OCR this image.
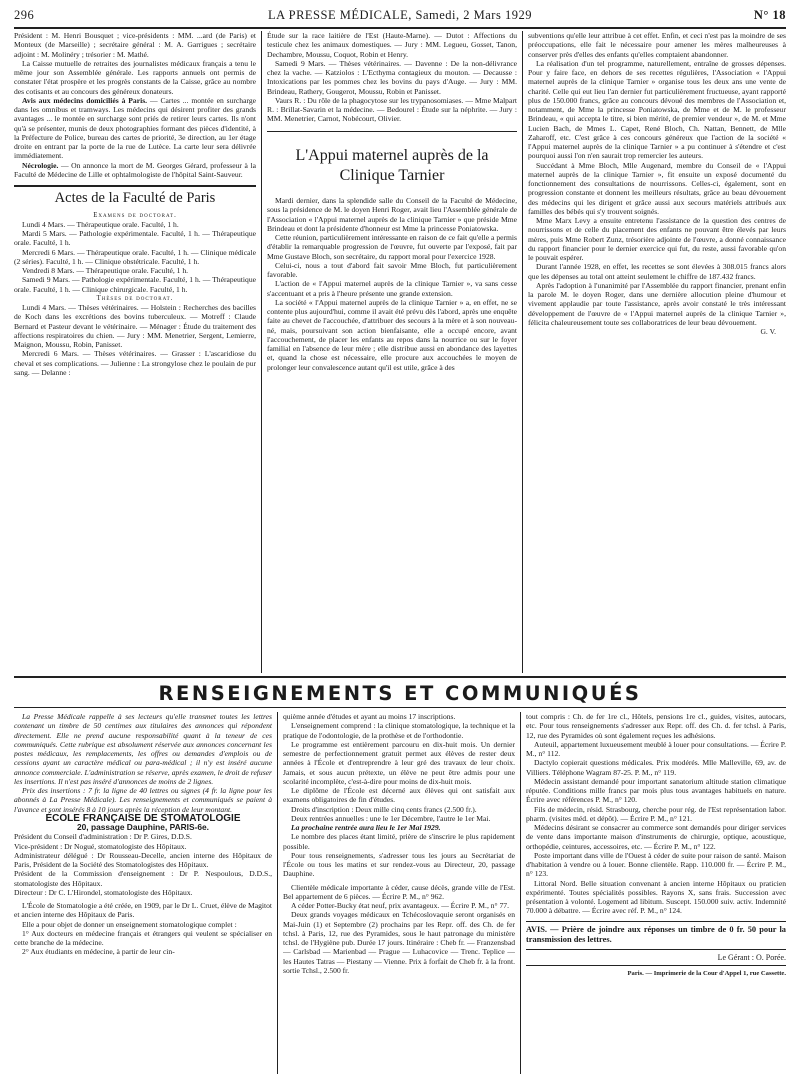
296	LA PRESSE MÉDICALE, Samedi, 2 Mars 1929	N° 18

Président : M. Henri Bousquet ; vice-présidents : MM. ...ard (de Paris) et Monteux (de Marseille) ; secrétaire général : M. A. Garrigues ; secrétaire adjoint : M. Molinéry ; trésorier : M. Mathé.

La Caisse mutuelle de retraites des journalistes médicaux français a tenu le même jour son Assemblée générale. Les rapports annuels ont permis de constater l'état prospère et les progrès constants de la Caisse, grâce au nombre des cotisants et au concours des généreux donateurs.

Avis aux médecins domiciliés à Paris. — Cartes ... montée en surcharge dans les omnibus et tramways. Les médecins qui désirent profiter des grands avantages ... le montée en surcharge sont priés de retirer leurs cartes. Ils n'ont qu'à se présenter, munis de deux photographies formant des pièces d'identité, à la Préfecture de Police, bureau des cartes de priorité, 3e direction, au 1er étage droite en entrant par la porte de la rue de Lutèce. La carte leur sera délivrée immédiatement.

Nécrologie. — On annonce la mort de M. Georges Gérard, professeur à la Faculté de Médecine de Lille et ophtalmologiste de l'hôpital Saint-Sauveur.

Actes de la Faculté de Paris

Examens de doctorat.

Lundi 4 Mars. — Thérapeutique orale. Faculté, 1 h.

Mardi 5 Mars. — Pathologie expérimentale. Faculté, 1 h. — Thérapeutique orale. Faculté, 1 h.

Mercredi 6 Mars. — Thérapeutique orale. Faculté, 1 h. — Clinique médicale (2 séries). Faculté, 1 h. — Clinique obstétricale. Faculté, 1 h.

Vendredi 8 Mars. — Thérapeutique orale. Faculté, 1 h.

Samedi 9 Mars. — Pathologie expérimentale. Faculté, 1 h. — Thérapeutique orale. Faculté, 1 h. — Clinique chirurgicale. Faculté, 1 h.

Thèses de doctorat.

Lundi 4 Mars. — Thèses vétérinaires. — Holstein : Recherches des bacilles de Koch dans les excrétions des bovins tuberculeux. — Motreff : Claude Bernard et Pasteur devant le vétérinaire. — Ménager : Étude du traitement des affections respiratoires du chien. — Jury : MM. Menetrier, Sergent, Lemierre, Maignon, Moussu, Robin, Panisset.

Mercredi 6 Mars. — Thèses vétérinaires. — Grasser : L'ascaridiose du cheval et ses complications. — Julienne : La strongylose chez le poulain de pur sang. — Delanne :

Étude sur la race laitière de l'Est (Haute-Marne). — Dutot : Affections du testicule chez les animaux domestiques. — Jury : MM. Legueu, Gosset, Tanon, Dechambre, Moussu, Coquot, Robin et Henry.

Samedi 9 Mars. — Thèses vétérinaires. — Davenne : De la non-délivrance chez la vache. — Katziolos : L'Ecthyma contagieux du mouton. — Decausse : Intoxications par les pommes chez les bovins du pays d'Auge. — Jury : MM. Brindeau, Rathery, Gougerot, Moussu, Robin et Panisset.

Vaurs R. : Du rôle de la phagocytose sur les trypanosomiases. — Mme Malpart R. : Brillat-Savarin et la médecine. — Bedourel : Étude sur la néphrite. — Jury : MM. Menetrier, Carnot, Nobécourt, Olivier.

L'Appui maternel auprès de la Clinique Tarnier

Mardi dernier, dans la splendide salle du Conseil de la Faculté de Médecine, sous la présidence de M. le doyen Henri Roger, avait lieu l'Assemblée générale de l'Association « l'Appui maternel auprès de la clinique Tarnier » que préside Mme Brindeau et dont la présidente d'honneur est Mme la princesse Poniatowska.

Cette réunion, particulièrement intéressante en raison de ce fait qu'elle a permis d'établir la remarquable progression de l'œuvre, fut ouverte par l'exposé, fait par Mme Gustave Bloch, son secrétaire, du rapport moral pour l'exercice 1928.

Celui-ci, nous a tout d'abord fait savoir Mme Bloch, fut particulièrement favorable.

L'action de « l'Appui maternel auprès de la clinique Tarnier », va sans cesse s'accentuant et a pris à l'heure présente une grande extension.

La société « l'Appui maternel auprès de la clinique Tarnier » a, en effet, ne se contente plus aujourd'hui, comme il avait été prévu dès l'abord, après une enquête faite au chevet de l'accouchée, d'attribuer des secours à la mère et à son nouveau-né, mais, poursuivant son action bienfaisante, elle a occupé encore, avant l'accouchement, de placer les enfants au repos dans la nourrice ou sur le foyer familial en l'absence de leur mère ; elle distribue aussi en abondance des layettes et, quand la chose est nécessaire, elle procure aux accouchées le moyen de prolonger leur convalescence autant qu'il est utile, grâce à des

subventions qu'elle leur attribue à cet effet. Enfin, et ceci n'est pas la moindre de ses préoccupations, elle fait le nécessaire pour amener les mères malheureuses à conserver près d'elles des enfants qu'elles comptaient abandonner.

La réalisation d'un tel programme, naturellement, entraîne de grosses dépenses. Pour y faire face, en dehors de ses recettes régulières, l'Association « l'Appui maternel auprès de la clinique Tarnier » organise tous les deux ans une vente de charité. Celle qui eut lieu l'an dernier fut particulièrement fructueuse, ayant rapporté plus de 150.000 francs, grâce au concours dévoué des membres de l'Association et, notamment, de Mme la princesse Poniatowska, de Mme et de M. le professeur Brindeau, « qui accepta le titre, si bien mérité, de premier vendeur », de M. et Mme Lucien Bach, de Mmes L. Capet, René Bloch, Ch. Nattan, Bennett, de Mlle Zaharoff, etc. C'est grâce à ces concours généreux que l'action de la société « l'Appui maternel auprès de la clinique Tarnier » a pu continuer à s'étendre et c'est pourquoi aussi l'on n'en saurait trop remercier les auteurs.

Succédant à Mme Bloch, Mlle Augenard, membre du Conseil de « l'Appui maternel auprès de la clinique Tarnier », fit ensuite un exposé documenté du fonctionnement des consultations de nourrissons. Celles-ci, également, sont en progression constante et donnent les meilleurs résultats, grâce au beau dévouement des médecins qui les dirigent et grâce aussi aux secours matériels attribués aux familles des bébés qui s'y trouvent soignés.

Mme Marx Levy a ensuite entretenu l'assistance de la question des centres de nourrissons et de celle du placement des enfants ne pouvant être élevés par leurs mères, puis Mme Robert Zunz, trésorière adjointe de l'œuvre, a donné connaissance du rapport financier pour le dernier exercice qui fut, du reste, aussi favorable qu'on le pouvait espérer.

Durant l'année 1928, en effet, les recettes se sont élevées à 308.015 francs alors que les dépenses au total ont atteint seulement le chiffre de 187.432 francs.

Après l'adoption à l'unanimité par l'Assemblée du rapport financier, prenant enfin la parole M. le doyen Roger, dans une dernière allocution pleine d'humour et vivement applaudie par toute l'assistance, après avoir constaté le très intéressant développement de l'œuvre de « l'Appui maternel auprès de la clinique Tarnier », félicita chaleureusement toute ses collaboratrices de leur beau dévouement.

G. V.

RENSEIGNEMENTS ET COMMUNIQUÉS

La Presse Médicale rappelle à ses lecteurs qu'elle transmet toutes les lettres contenant un timbre de 50 centimes aux titulaires des annonces qui répondent directement. Elle ne prend aucune responsabilité quant à la teneur de ces communiqués. Cette rubrique est absolument réservée aux annonces concernant les postes médicaux, les remplacements, les offres ou demandes d'emplois ou de cessions ayant un caractère médical ou para-médical ; il n'y est inséré aucune annonce commerciale. L'administration se réserve, après examen, le droit de refuser les insertions. Il n'est pas inséré d'annonces de moins de 2 lignes.

Prix des insertions : 7 fr. la ligne de 40 lettres ou signes (4 fr. la ligne pour les abonnés à La Presse Médicale). Les renseignements et communiqués se paient à l'avance et sont insérés 8 à 10 jours après la réception de leur montant.

ÉCOLE FRANÇAISE DE STOMATOLOGIE

20, passage Dauphine, PARIS-6e.

Président du Conseil d'administration : Dr P. Gires, D.D.S.

Vice-président : Dr Nogué, stomatologiste des Hôpitaux.

Administrateur délégué : Dr Rousseau-Decelle, ancien interne des Hôpitaux de Paris, Président de la Société des Stomatologistes des Hôpitaux.

Président de la Commission d'enseignement : Dr P. Nespoulous, D.D.S., stomatologiste des Hôpitaux.

Directeur : Dr C. L'Hirondel, stomatologiste des Hôpitaux.

L'École de Stomatologie a été créée, en 1909, par le Dr L. Cruet, élève de Magitot et ancien interne des Hôpitaux de Paris.

Elle a pour objet de donner un enseignement stomatologique complet :

1° Aux docteurs en médecine français et étrangers qui veulent se spécialiser en cette branche de la médecine.

2° Aux étudiants en médecine, à partir de leur cin-

quième année d'études et ayant au moins 17 inscriptions.

L'enseignement comprend : la clinique stomatologique, la technique et la pratique de l'odontologie, de la prothèse et de l'orthodontie.

Le programme est entièrement parcouru en dix-huit mois. Un dernier semestre de perfectionnement gratuit permet aux élèves de rester deux années à l'École et d'entreprendre à leur gré des travaux de leur choix. Jamais, et sous aucun prétexte, un élève ne peut être admis pour une scolarité incomplète, c'est-à-dire pour moins de dix-huit mois.

Le diplôme de l'École est décerné aux élèves qui ont satisfait aux examens obligatoires de fin d'études.

Droits d'inscription : Deux mille cinq cents francs (2.500 fr.).

Deux rentrées annuelles : une le 1er Décembre, l'autre le 1er Mai.

La prochaine rentrée aura lieu le 1er Mai 1929.

Le nombre des places étant limité, prière de s'inscrire le plus rapidement possible.

Pour tous renseignements, s'adresser tous les jours au Secrétariat de l'École ou tous les matins et sur rendez-vous au Directeur, 20, passage Dauphine.

Clientèle médicale importante à céder, cause décès, grande ville de l'Est. Bel appartement de 6 pièces. — Écrire P. M., n° 962.

A céder Potter-Bucky état neuf, prix avantageux. — Écrire P. M., n° 77.

Deux grands voyages médicaux en Tchécoslovaquie seront organisés en Mai-Juin (1) et Septembre (2) prochains par les Repr. off. des Ch. de fer tchsl. à Paris, 12, rue des Pyramides, sous le haut patronage du ministère tchsl. de l'Hygiène pub. Durée 17 jours. Itinéraire : Cheb fr. — Franzensbad — Carlsbad — Marienbad — Prague — Luhacovice — Trenc. Teplice — les Hautes Tatras — Piestany — Vienne. Prix à forfait de Cheb fr. à la front. sortie Tchsl., 2.500 fr.

tout compris : Ch. de fer 1re cl., Hôtels, pensions 1re cl., guides, visites, autocars, etc. Pour tous renseignements s'adresser aux Repr. off. des Ch. d. fer tchsl. à Paris, 12, rue des Pyramides où sont également reçues les adhésions.

Auteuil, appartement luxueusement meublé à louer pour consultations. — Écrire P. M., n° 112.

Dactylo copierait questions médicales. Prix modérés. Mlle Malleville, 69, av. de Villiers. Téléphone Wagram 87-25. P. M., n° 119.

Médecin assistant demandé pour important sanatorium altitude station climatique réputée. Conditions mille francs par mois plus tous avantages habituels en nature. Écrire avec références P. M., n° 120.

Fils de médecin, résid. Strasbourg, cherche pour rég. de l'Est représentation labor. pharm. (visites méd. et dépôt). — Écrire P. M., n° 121.

Médecins désirant se consacrer au commerce sont demandés pour diriger services de vente dans importante maison d'instruments de chirurgie, optique, acoustique, orthopédie, ceintures, accessoires, etc. — Écrire P. M., n° 122.

Poste important dans ville de l'Ouest à céder de suite pour raison de santé. Maison d'habitation à vendre ou à louer. Bonne clientèle. Rapp. 110.000 fr. — Écrire P. M., n° 123.

Littoral Nord. Belle situation convenant à ancien interne Hôpitaux ou praticien expérimenté. Toutes spécialités possibles. Rayons X, sans frais. Succession avec présentation à volonté. Logement ad libitum. Suscept. 150.000 suiv. activ. Indemnité 70.000 à débattre. — Écrire avec réf. P. M., n° 124.

AVIS. — Prière de joindre aux réponses un timbre de 0 fr. 50 pour la transmission des lettres.

Le Gérant : O. Porée.

Paris. — Imprimerie de la Cour d'Appel 1, rue Cassette.
